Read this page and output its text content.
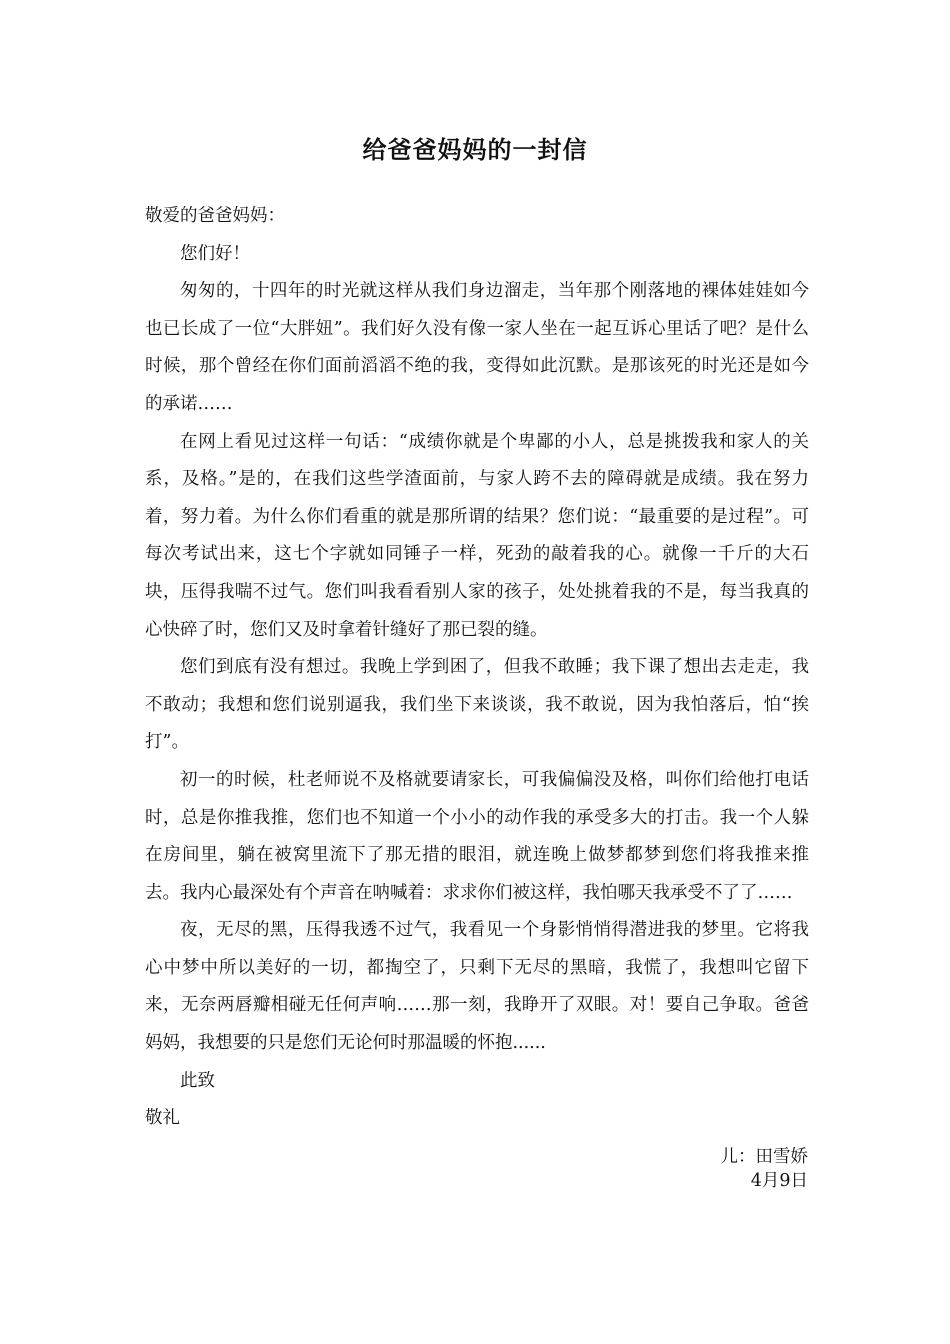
给爸爸妈妈的一封信

敬爱的爸爸妈妈：

您们好！

匆匆的，十四年的时光就这样从我们身边溜走，当年那个刚落地的裸体娃娃如今也已长成了一位“大胖妞”。我们好久没有像一家人坐在一起互诉心里话了吧？是什么时候，那个曾经在你们面前滔滔不绝的我，变得如此沉默。是那该死的时光还是如今的承诺……

在网上看见过这样一句话：“成绩你就是个卑鄙的小人，总是挑拨我和家人的关系，及格。”是的，在我们这些学渣面前，与家人跨不去的障碍就是成绩。我在努力着，努力着。为什么你们看重的就是那所谓的结果？您们说：“最重要的是过程”。可每次考试出来，这七个字就如同锤子一样，死劲的敲着我的心。就像一千斤的大石块，压得我喘不过气。您们叫我看看别人家的孩子，处处挑着我的不是，每当我真的心快碎了时，您们又及时拿着针缝好了那已裂的缝。

您们到底有没有想过。我晚上学到困了，但我不敢睡；我下课了想出去走走，我不敢动；我想和您们说别逼我，我们坐下来谈谈，我不敢说，因为我怕落后，怕“挨打”。

初一的时候，杜老师说不及格就要请家长，可我偏偏没及格，叫你们给他打电话时，总是你推我推，您们也不知道一个小小的动作我的承受多大的打击。我一个人躲在房间里，躺在被窝里流下了那无措的眼泪，就连晚上做梦都梦到您们将我推来推去。我内心最深处有个声音在呐喊着：求求你们被这样，我怕哪天我承受不了了……

夜，无尽的黑，压得我透不过气，我看见一个身影悄悄得潜进我的梦里。它将我心中梦中所以美好的一切，都掏空了，只剩下无尽的黑暗，我慌了，我想叫它留下来，无奈两唇瓣相碰无任何声响……那一刻，我睁开了双眼。对！要自己争取。爸爸妈妈，我想要的只是您们无论何时那温暖的怀抱......

此致

敬礼

儿：田雪娇
4月9日
